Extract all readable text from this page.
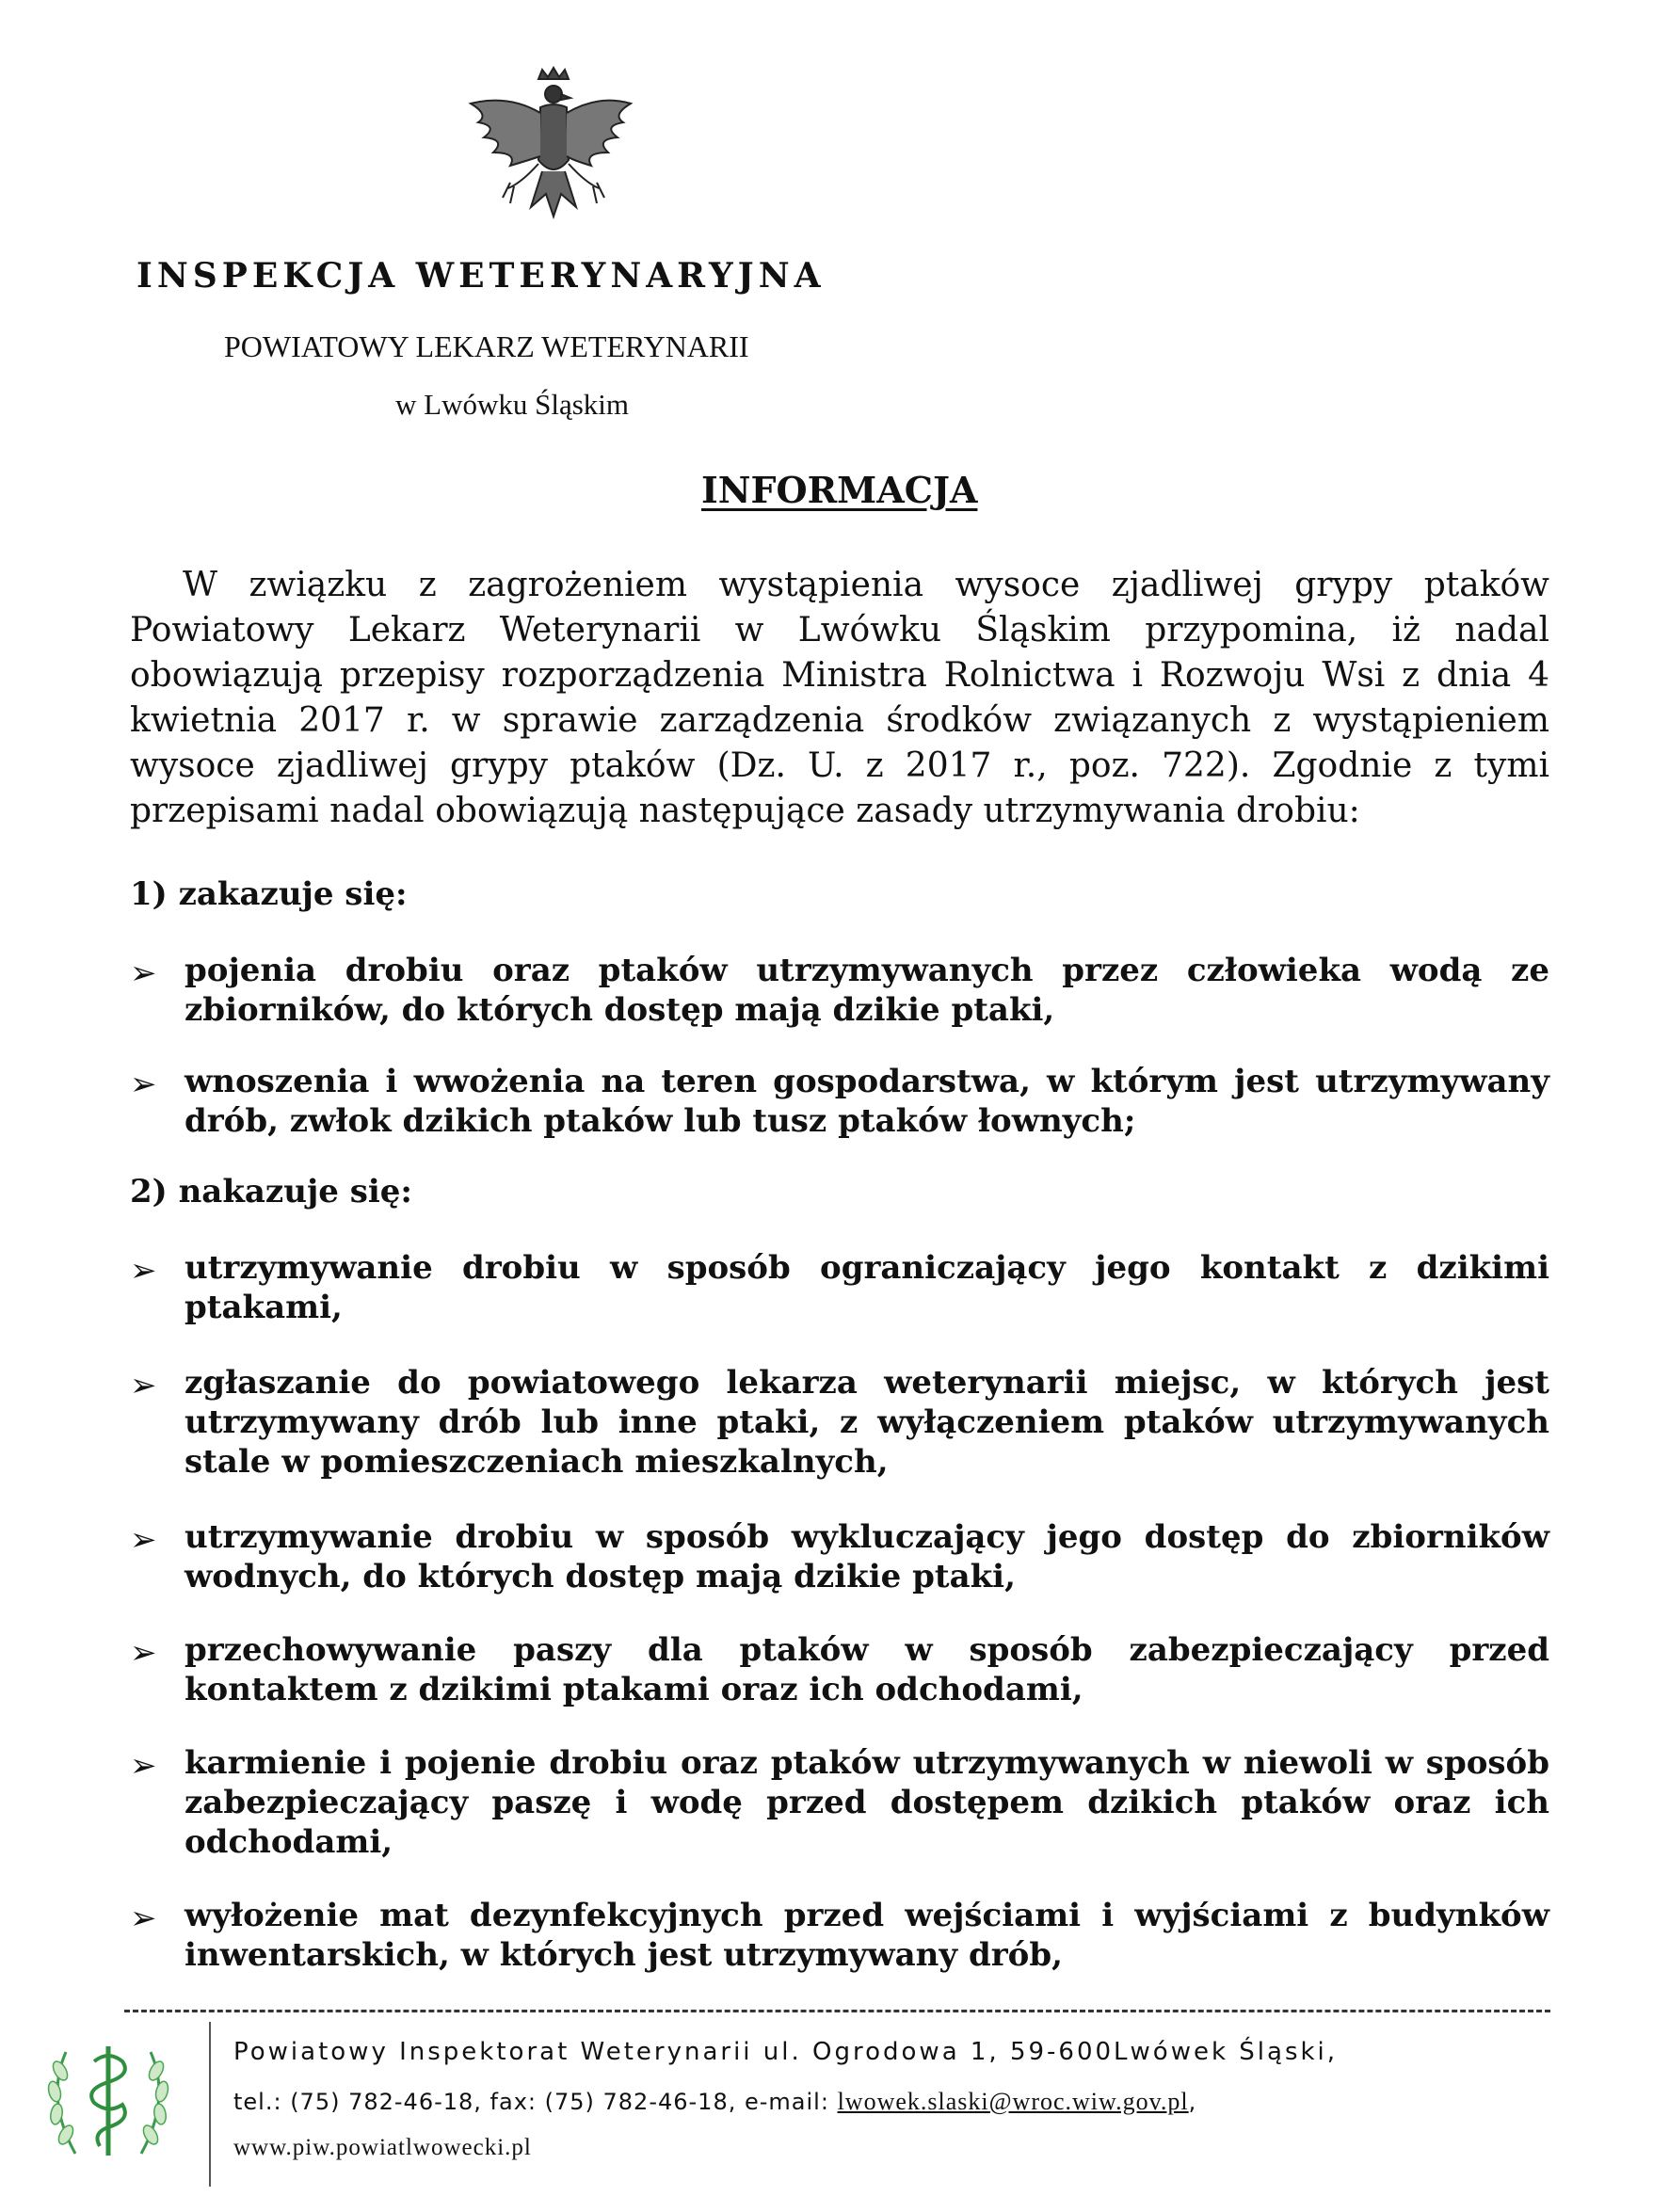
INSPEKCJA WETERYNARYJNA
POWIATOWY LEKARZ WETERYNARII
w Lwówku Śląskim
INFORMACJA
W związku z zagrożeniem wystąpienia wysoce zjadliwej grypy ptaków Powiatowy Lekarz Weterynarii w Lwówku Śląskim przypomina, iż nadal obowiązują przepisy rozporządzenia Ministra Rolnictwa i Rozwoju Wsi z dnia 4 kwietnia 2017 r. w sprawie zarządzenia środków związanych z wystąpieniem wysoce zjadliwej grypy ptaków (Dz. U. z 2017 r., poz. 722). Zgodnie z tymi przepisami nadal obowiązują następujące zasady utrzymywania drobiu:
1) zakazuje się:
➢ pojenia drobiu oraz ptaków utrzymywanych przez człowieka wodą ze zbiorników, do których dostęp mają dzikie ptaki,
➢ wnoszenia i wwożenia na teren gospodarstwa, w którym jest utrzymywany drób, zwłok dzikich ptaków lub tusz ptaków łownych;
2) nakazuje się:
➢ utrzymywanie drobiu w sposób ograniczający jego kontakt z dzikimi ptakami,
➢ zgłaszanie do powiatowego lekarza weterynarii miejsc, w których jest utrzymywany drób lub inne ptaki, z wyłączeniem ptaków utrzymywanych stale w pomieszczeniach mieszkalnych,
➢ utrzymywanie drobiu w sposób wykluczający jego dostęp do zbiorników wodnych, do których dostęp mają dzikie ptaki,
➢ przechowywanie paszy dla ptaków w sposób zabezpieczający przed kontaktem z dzikimi ptakami oraz ich odchodami,
➢ karmienie i pojenie drobiu oraz ptaków utrzymywanych w niewoli w sposób zabezpieczający paszę i wodę przed dostępem dzikich ptaków oraz ich odchodami,
➢ wyłożenie mat dezynfekcyjnych przed wejściami i wyjściami z budynków inwentarskich, w których jest utrzymywany drób,
Powiatowy Inspektorat Weterynarii ul. Ogrodowa 1, 59-600Lwówek Śląski,
tel.: (75) 782-46-18, fax: (75) 782-46-18, e-mail: lwowek.slaski@wroc.wiw.gov.pl,
www.piw.powiatlwowecki.pl
